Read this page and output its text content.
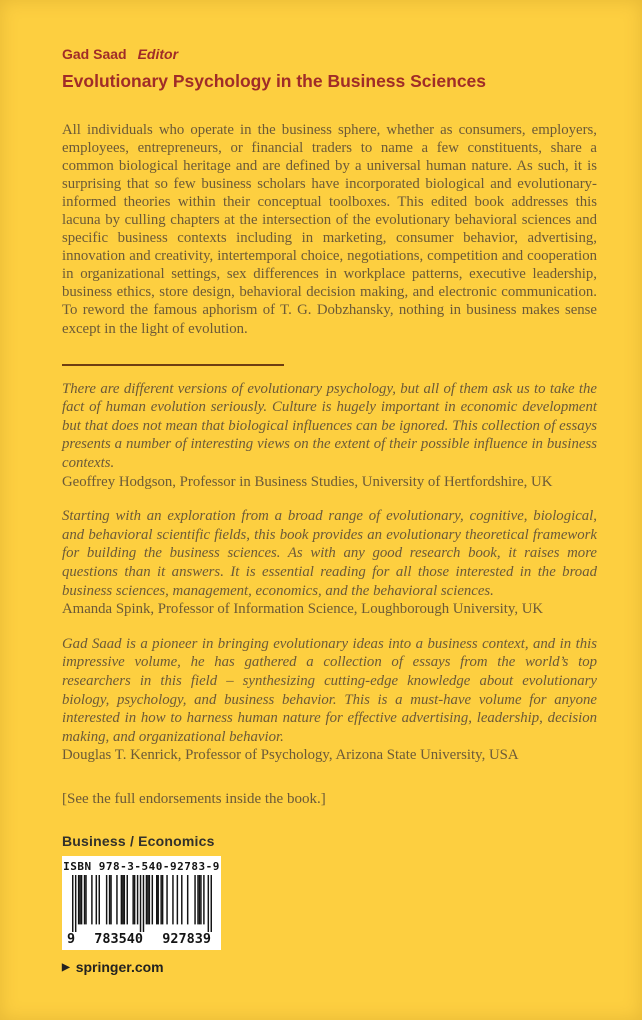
Gad Saad Editor
Evolutionary Psychology in the Business Sciences

All individuals who operate in the business sphere, whether as consumers, employers, employees, entrepreneurs, or financial traders to name a few constituents, share a common biological heritage and are defined by a universal human nature. As such, it is surprising that so few business scholars have incorporated biological and evolutionary-informed theories within their conceptual toolboxes. This edited book addresses this lacuna by culling chapters at the intersection of the evolutionary behavioral sciences and specific business contexts including in marketing, consumer behavior, advertising, innovation and creativity, intertemporal choice, negotiations, competition and cooperation in organizational settings, sex differences in workplace patterns, executive leadership, business ethics, store design, behavioral decision making, and electronic communication. To reword the famous aphorism of T. G. Dobzhansky, nothing in business makes sense except in the light of evolution.

There are different versions of evolutionary psychology, but all of them ask us to take the fact of human evolution seriously. Culture is hugely important in economic development but that does not mean that biological influences can be ignored. This collection of essays presents a number of interesting views on the extent of their possible influence in business contexts.

Geoffrey Hodgson, Professor in Business Studies, University of Hertfordshire, UK

Starting with an exploration from a broad range of evolutionary, cognitive, biological, and behavioral scientific fields, this book provides an evolutionary theoretical framework for building the business sciences. As with any good research book, it raises more questions than it answers. It is essential reading for all those interested in the broad business sciences, management, economics, and the behavioral sciences.

Amanda Spink, Professor of Information Science, Loughborough University, UK

Gad Saad is a pioneer in bringing evolutionary ideas into a business context, and in this impressive volume, he has gathered a collection of essays from the world’s top researchers in this field – synthesizing cutting-edge knowledge about evolutionary biology, psychology, and business behavior. This is a must-have volume for anyone interested in how to harness human nature for effective advertising, leadership, decision making, and organizational behavior.

Douglas T. Kenrick, Professor of Psychology, Arizona State University, USA

[See the full endorsements inside the book.]

Business / Economics
ISBN 978-3-540-92783-9
9 783540 927839
▶ springer.com
